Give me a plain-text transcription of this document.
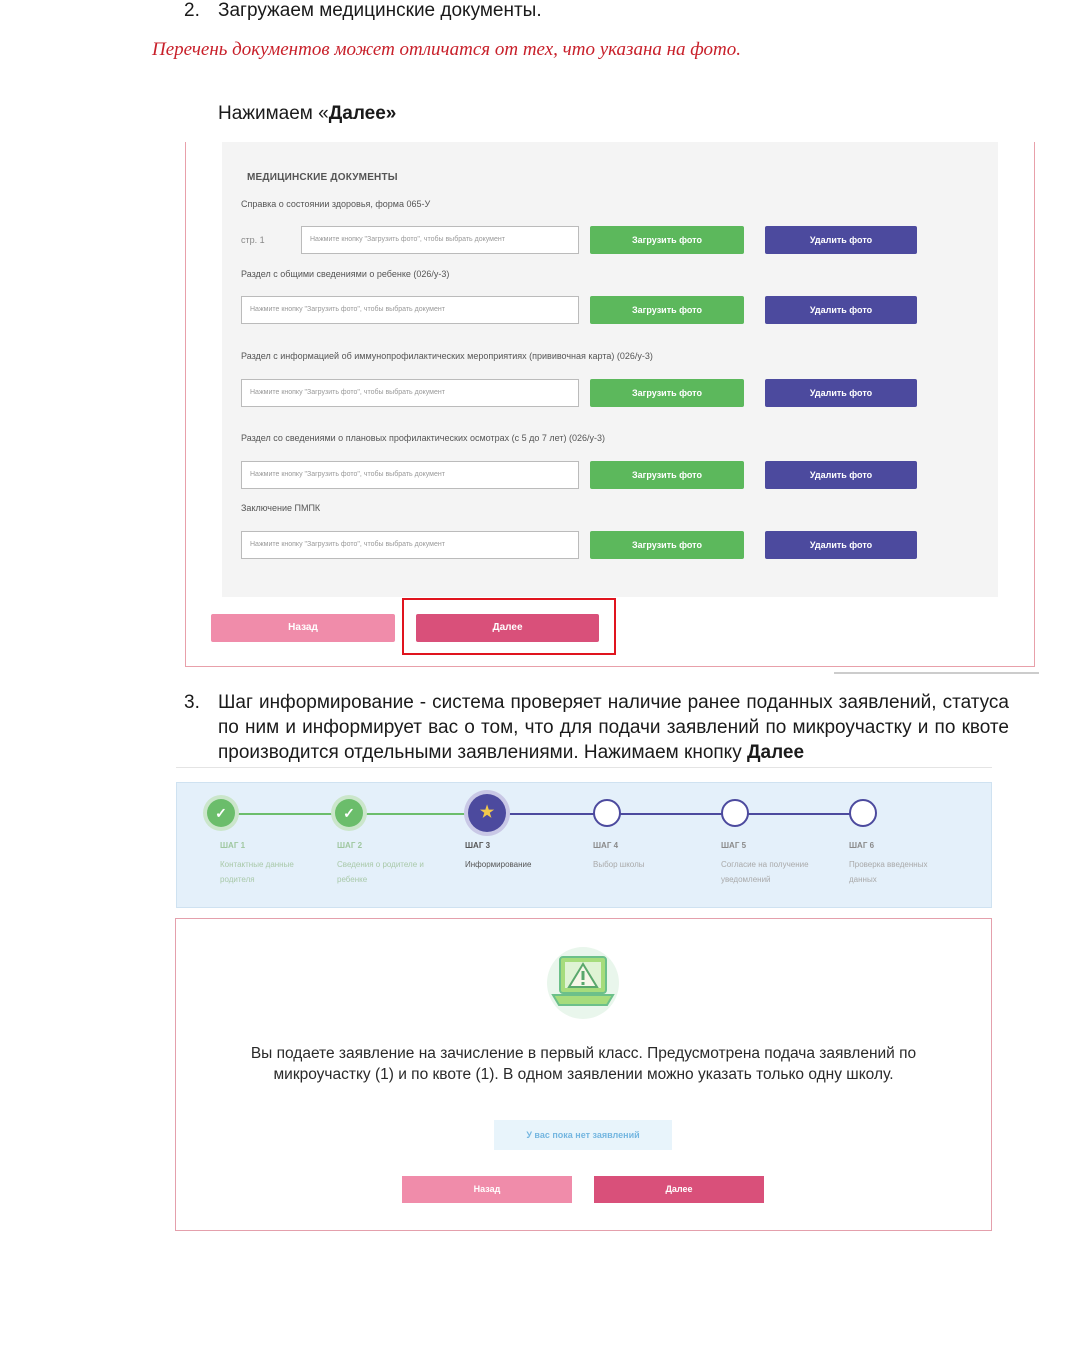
2. Загружаем медицинские документы.
Перечень документов может отличатся от тех, что указана на фото.
Нажимаем «Далее»
МЕДИЦИНСКИЕ ДОКУМЕНТЫ
Справка о состоянии здоровья, форма 065-У
стр. 1	Нажмите кнопку "Загрузить фото", чтобы выбрать документ	Загрузить фото	Удалить фото
Раздел с общими сведениями о ребенке (026/у-3)
Нажмите кнопку "Загрузить фото", чтобы выбрать документ	Загрузить фото	Удалить фото
Раздел с информацией об иммунопрофилактических мероприятиях (прививочная карта) (026/у-3)
Нажмите кнопку "Загрузить фото", чтобы выбрать документ	Загрузить фото	Удалить фото
Раздел со сведениями о плановых профилактических осмотрах (с 5 до 7 лет) (026/у-3)
Нажмите кнопку "Загрузить фото", чтобы выбрать документ	Загрузить фото	Удалить фото
Заключение ПМПК
Нажмите кнопку "Загрузить фото", чтобы выбрать документ	Загрузить фото	Удалить фото
Назад	Далее
3. Шаг информирование - система проверяет наличие ранее поданных заявлений, статуса по ним и информирует вас о том, что для подачи заявлений по микроучастку и по квоте производится отдельными заявлениями. Нажимаем кнопку Далее
✓	✓	★
ШАГ 1
Контактные данные родителя
ШАГ 2
Сведения о родителе и ребенке
ШАГ 3
Информирование
ШАГ 4
Выбор школы
ШАГ 5
Согласие на получение уведомлений
ШАГ 6
Проверка введенных данных
Вы подаете заявление на зачисление в первый класс. Предусмотрена подача заявлений по микроучастку (1) и по квоте (1). В одном заявлении можно указать только одну школу.
У вас пока нет заявлений
Назад	Далее
